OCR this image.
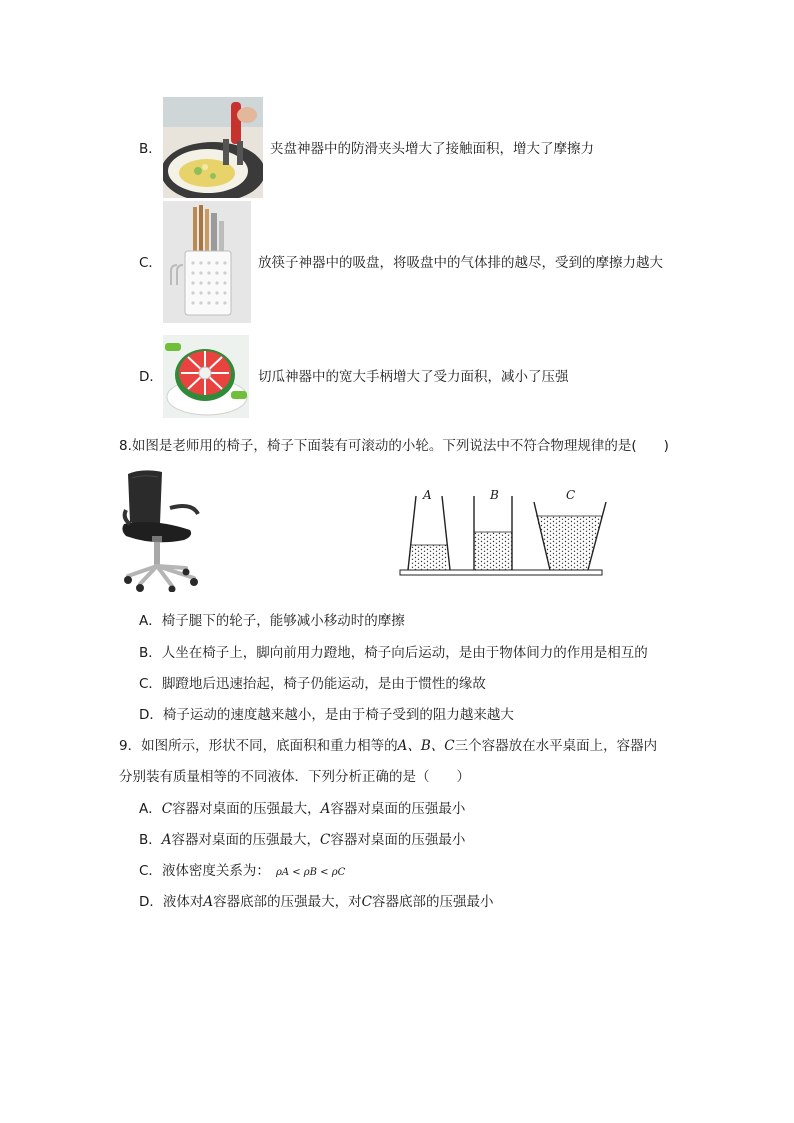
B．	夹盘神器中的防滑夹头增大了接触面积，增大了摩擦力
C．	放筷子神器中的吸盘，将吸盘中的气体排的越尽，受到的摩擦力越大
D．	切瓜神器中的宽大手柄增大了受力面积，减小了压强
8.如图是老师用的椅子，椅子下面装有可滚动的小轮。下列说法中不符合物理规律的是(　　)
A	B	C
A．椅子腿下的轮子，能够减小移动时的摩擦
B．人坐在椅子上，脚向前用力蹬地，椅子向后运动，是由于物体间力的作用是相互的
C．脚蹬地后迅速抬起，椅子仍能运动，是由于惯性的缘故
D．椅子运动的速度越来越小，是由于椅子受到的阻力越来越大
9．如图所示，形状不同，底面积和重力相等的A、B、C三个容器放在水平桌面上，容器内
分别装有质量相等的不同液体．下列分析正确的是（　　）
A．C容器对桌面的压强最大，A容器对桌面的压强最小
B．A容器对桌面的压强最大，C容器对桌面的压强最小
C．液体密度关系为： ρA < ρB < ρC
D．液体对A容器底部的压强最大，对C容器底部的压强最小
